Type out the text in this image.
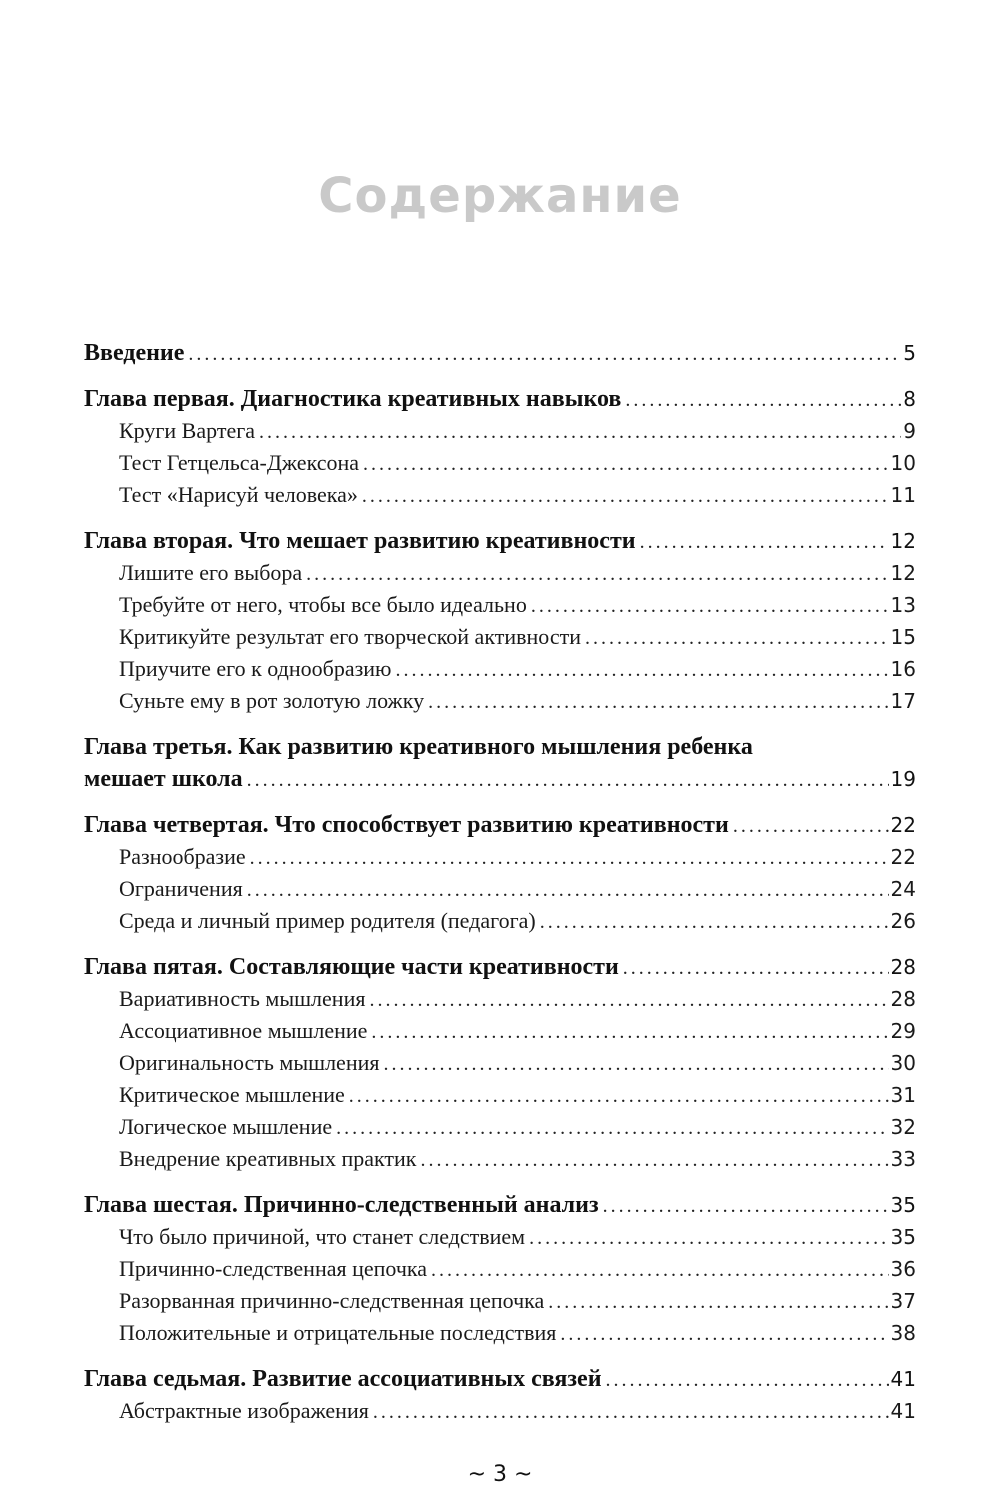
Содержание
Введение . . .	5
Глава первая. Диагностика креативных навыков . . .	8
Круги Вартега . . .	9
Тест Гетцельса-Джексона . . .	10
Тест «Нарисуй человека» . . .	11
Глава вторая. Что мешает развитию креативности . . .	12
Лишите его выбора . . .	12
Требуйте от него, чтобы все было идеально . . .	13
Критикуйте результат его творческой активности . . .	15
Приучите его к однообразию . . .	16
Суньте ему в рот золотую ложку . . .	17
Глава третья. Как развитию креативного мышления ребенка
мешает школа . . .	19
Глава четвертая. Что способствует развитию креативности . . .	22
Разнообразие . . .	22
Ограничения . . .	24
Среда и личный пример родителя (педагога) . . .	26
Глава пятая. Составляющие части креативности . . .	28
Вариативность мышления . . .	28
Ассоциативное мышление . . .	29
Оригинальность мышления . . .	30
Критическое мышление . . .	31
Логическое мышление . . .	32
Внедрение креативных практик . . .	33
Глава шестая. Причинно-следственный анализ . . .	35
Что было причиной, что станет следствием . . .	35
Причинно-следственная цепочка . . .	36
Разорванная причинно-следственная цепочка . . .	37
Положительные и отрицательные последствия . . .	38
Глава седьмая. Развитие ассоциативных связей . . .	41
Абстрактные изображения . . .	41
~ 3 ~
